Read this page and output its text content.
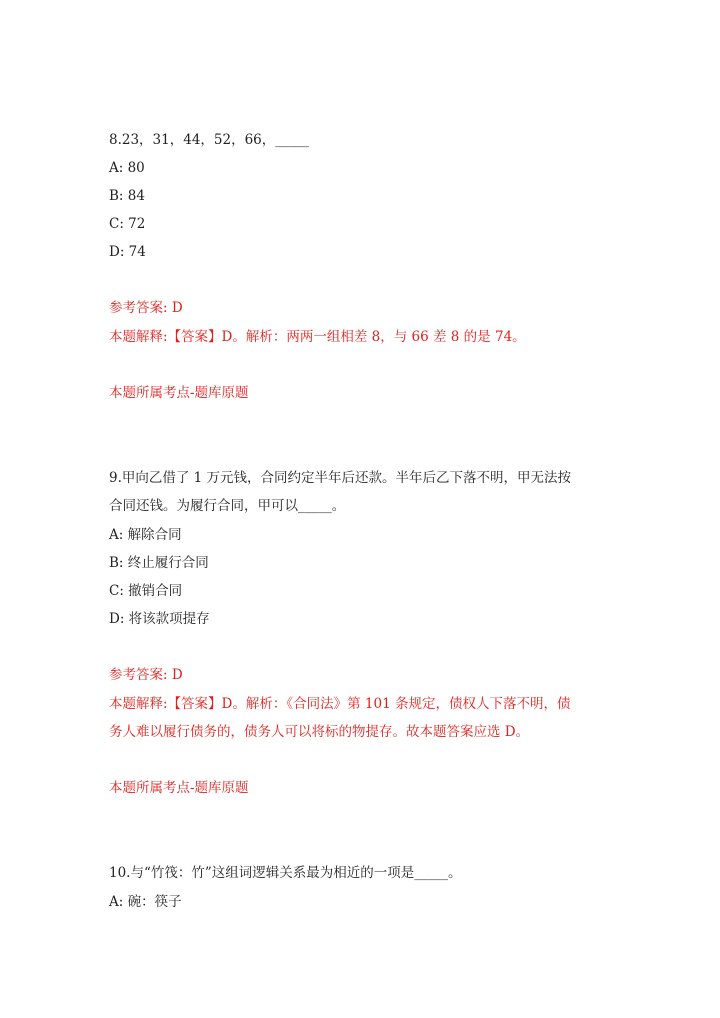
8.23，31，44，52，66，_____
A: 80
B: 84
C: 72
D: 74
参考答案: D
本题解释:【答案】D。解析：两两一组相差 8，与 66 差 8 的是 74。
本题所属考点-题库原题
9.甲向乙借了 1 万元钱，合同约定半年后还款。半年后乙下落不明，甲无法按
合同还钱。为履行合同，甲可以_____。
A: 解除合同
B: 终止履行合同
C: 撤销合同
D: 将该款项提存
参考答案: D
本题解释:【答案】D。解析：《合同法》第 101 条规定，债权人下落不明，债
务人难以履行债务的，债务人可以将标的物提存。故本题答案应选 D。
本题所属考点-题库原题
10.与“竹筏：竹”这组词逻辑关系最为相近的一项是_____。
A: 碗：筷子
